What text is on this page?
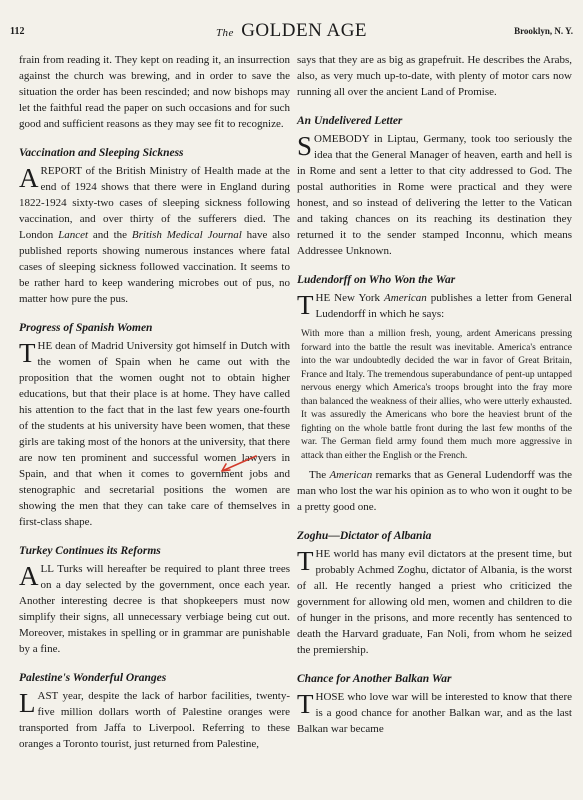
112	The GOLDEN AGE	Brooklyn, N. Y.

frain from reading it. They kept on reading it, an insurrection against the church was brewing, and in order to save the situation the order has been rescinded; and now bishops may let the faithful read the paper on such occasions and for such good and sufficient reasons as they may see fit to recognize.

Vaccination and Sleeping Sickness

AREPORT of the British Ministry of Health made at the end of 1924 shows that there were in England during 1822-1924 sixty-two cases of sleeping sickness following vaccination, and over thirty of the sufferers died. The London Lancet and the British Medical Journal have also published reports showing numerous instances where fatal cases of sleeping sickness followed vaccination. It seems to be rather hard to keep wandering microbes out of pus, no matter how pure the pus.

Progress of Spanish Women

THE dean of Madrid University got himself in Dutch with the women of Spain when he came out with the proposition that the women ought not to obtain higher educations, but that their place is at home. They have called his attention to the fact that in the last few years one-fourth of the students at his university have been women, that these girls are taking most of the honors at the university, that there are now ten prominent and successful women lawyers in Spain, and that when it comes to government jobs and stenographic and secretarial positions the women are showing the men that they can take care of themselves in first-class shape.

Turkey Continues its Reforms

ALL Turks will hereafter be required to plant three trees on a day selected by the government, once each year. Another interesting decree is that shopkeepers must now simplify their signs, all unnecessary verbiage being cut out. Moreover, mistakes in spelling or in grammar are punishable by a fine.

Palestine's Wonderful Oranges

LAST year, despite the lack of harbor facilities, twenty-five million dollars worth of Palestine oranges were transported from Jaffa to Liverpool. Referring to these oranges a Toronto tourist, just returned from Palestine,

says that they are as big as grapefruit. He describes the Arabs, also, as very much up-to-date, with plenty of motor cars now running all over the ancient Land of Promise.

An Undelivered Letter

SOMEBODY in Liptau, Germany, took too seriously the idea that the General Manager of heaven, earth and hell is in Rome and sent a letter to that city addressed to God. The postal authorities in Rome were practical and they were honest, and so instead of delivering the letter to the Vatican and taking chances on its reaching its destination they returned it to the sender stamped Inconnu, which means Addressee Unknown.

Ludendorff on Who Won the War

THE New York American publishes a letter from General Ludendorff in which he says:

With more than a million fresh, young, ardent Americans pressing forward into the battle the result was inevitable. America's entrance into the war undoubtedly decided the war in favor of Great Britain, France and Italy. The tremendous superabundance of pent-up untapped nervous energy which America's troops brought into the fray more than balanced the weakness of their allies, who were utterly exhausted. It was assuredly the Americans who bore the heaviest brunt of the fighting on the whole battle front during the last few months of the war. The German field army found them much more aggressive in attack than either the English or the French.

The American remarks that as General Ludendorff was the man who lost the war his opinion as to who won it ought to be a pretty good one.

Zoghu—Dictator of Albania

THE world has many evil dictators at the present time, but probably Achmed Zoghu, dictator of Albania, is the worst of all. He recently hanged a priest who criticized the government for allowing old men, women and children to die of hunger in the prisons, and more recently has sentenced to death the Harvard graduate, Fan Noli, from whom he seized the premiership.

Chance for Another Balkan War

THOSE who love war will be interested to know that there is a good chance for another Balkan war, and as the last Balkan war became
